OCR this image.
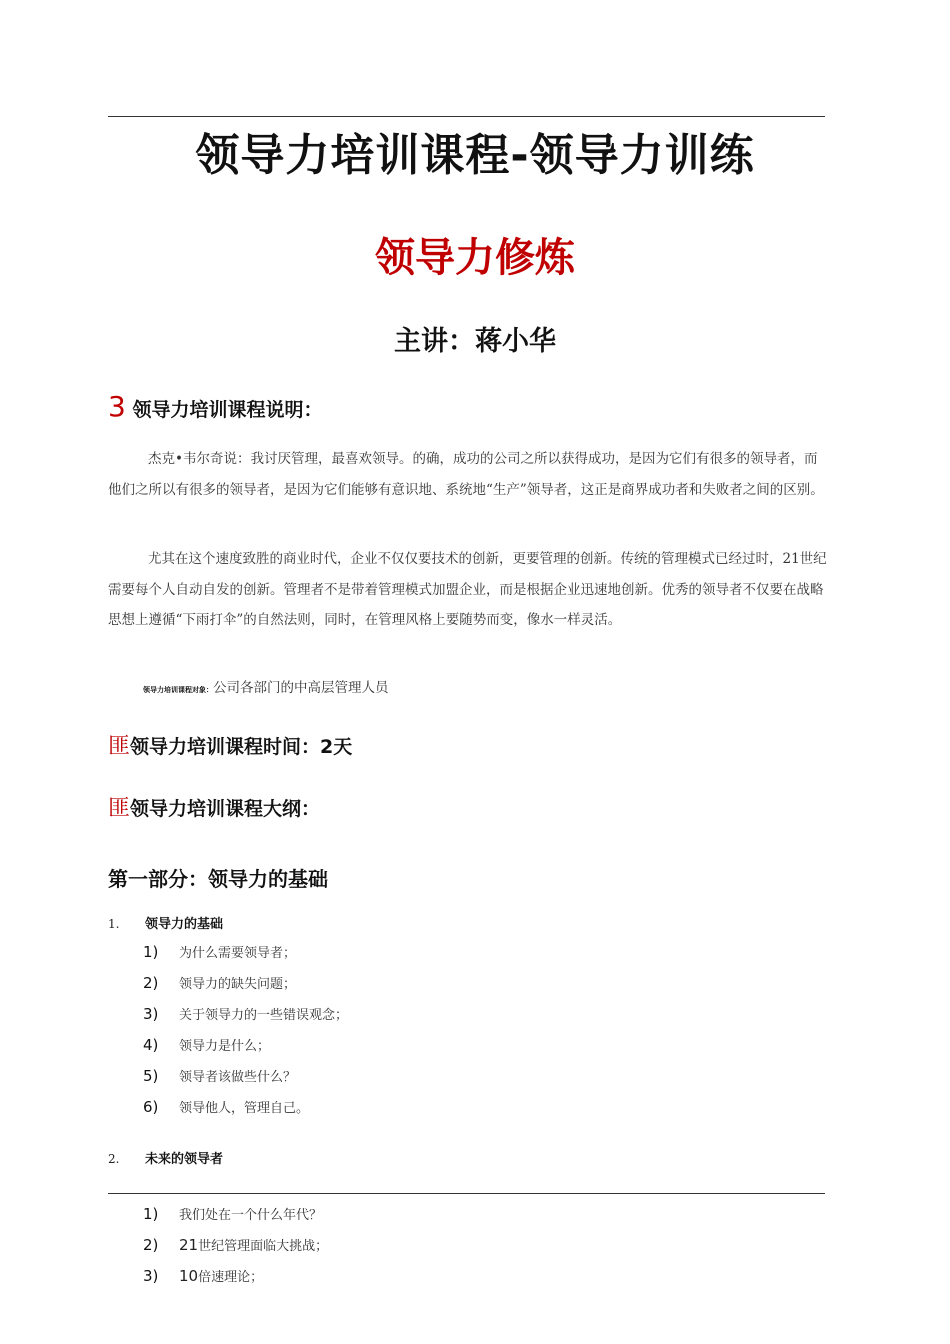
领导力培训课程-领导力训练
领导力修炼
主讲：蒋小华
3 领导力培训课程说明：

杰克•韦尔奇说：我讨厌管理，最喜欢领导。的确，成功的公司之所以获得成功，是因为它们有很多的领导者，而他们之所以有很多的领导者，是因为它们能够有意识地、系统地“生产”领导者，这正是商界成功者和失败者之间的区别。

尤其在这个速度致胜的商业时代，企业不仅仅要技术的创新，更要管理的创新。传统的管理模式已经过时，21世纪需要每个人自动自发的创新。管理者不是带着管理模式加盟企业，而是根据企业迅速地创新。优秀的领导者不仅要在战略思想上遵循“下雨打伞”的自然法则，同时，在管理风格上要随势而变，像水一样灵活。

领导力培训课程对象：公司各部门的中高层管理人员
匪领导力培训课程时间：2天
匪领导力培训课程大纲：
第一部分：领导力的基础
1. 领导力的基础
1) 为什么需要领导者；
2) 领导力的缺失问题；
3) 关于领导力的一些错误观念；
4) 领导力是什么；
5) 领导者该做些什么？
6) 领导他人，管理自己。
2. 未来的领导者
1) 我们处在一个什么年代？
2) 21世纪管理面临大挑战；
3) 10倍速理论；
